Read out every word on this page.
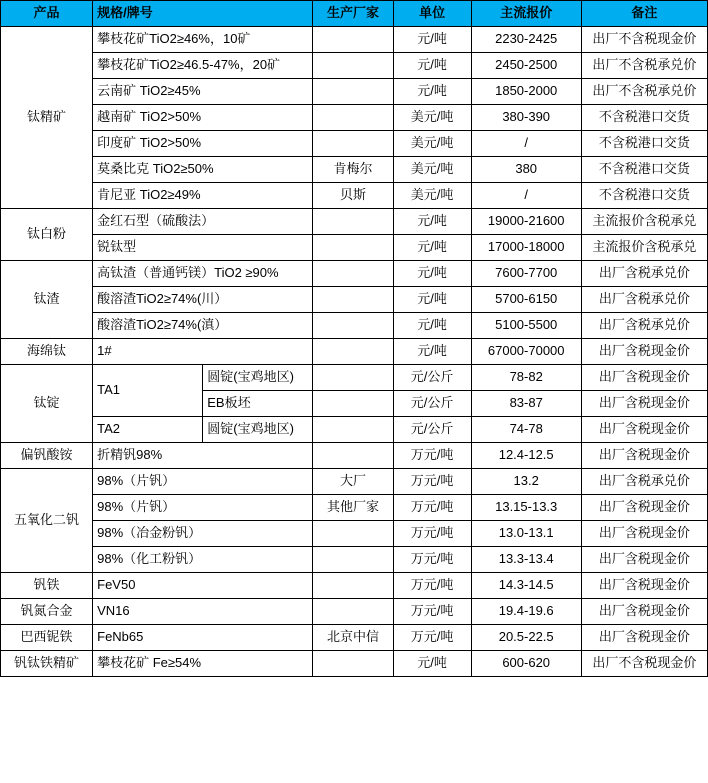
产品	规格/牌号		生产厂家	单位	主流报价	备注
钛精矿	攀枝花矿TiO2≥46%，10矿			元/吨	2230-2425	出厂不含税现金价
	攀枝花矿TiO2≥46.5-47%，20矿			元/吨	2450-2500	出厂不含税承兑价
	云南矿 TiO2≥45%			元/吨	1850-2000	出厂不含税承兑价
	越南矿 TiO2>50%			美元/吨	380-390	不含税港口交货
	印度矿 TiO2>50%			美元/吨	/	不含税港口交货
	莫桑比克 TiO2≥50%		肯梅尔	美元/吨	380	不含税港口交货
	肯尼亚 TiO2≥49%		贝斯	美元/吨	/	不含税港口交货
钛白粉	金红石型（硫酸法）			元/吨	19000-21600	主流报价含税承兑
	锐钛型			元/吨	17000-18000	主流报价含税承兑
钛渣	高钛渣（普通钙镁）TiO2 ≥90%			元/吨	7600-7700	出厂含税承兑价
	酸溶渣TiO2≥74%(川）			元/吨	5700-6150	出厂含税承兑价
	酸溶渣TiO2≥74%(滇）			元/吨	5100-5500	出厂含税承兑价
海绵钛	1#			元/吨	67000-70000	出厂含税现金价
钛锭	TA1	圆锭(宝鸡地区)		元/公斤	78-82	出厂含税现金价
		EB板坯		元/公斤	83-87	出厂含税现金价
	TA2	圆锭(宝鸡地区)		元/公斤	74-78	出厂含税现金价
偏钒酸铵	折精钒98%			万元/吨	12.4-12.5	出厂含税现金价
五氧化二钒	98%（片钒）		大厂	万元/吨	13.2	出厂含税承兑价
	98%（片钒）		其他厂家	万元/吨	13.15-13.3	出厂含税现金价
	98%（冶金粉钒）			万元/吨	13.0-13.1	出厂含税现金价
	98%（化工粉钒）			万元/吨	13.3-13.4	出厂含税现金价
钒铁	FeV50			万元/吨	14.3-14.5	出厂含税现金价
钒氮合金	VN16			万元/吨	19.4-19.6	出厂含税现金价
巴西铌铁	FeNb65		北京中信	万元/吨	20.5-22.5	出厂含税现金价
钒钛铁精矿	攀枝花矿 Fe≥54%			元/吨	600-620	出厂不含税现金价
